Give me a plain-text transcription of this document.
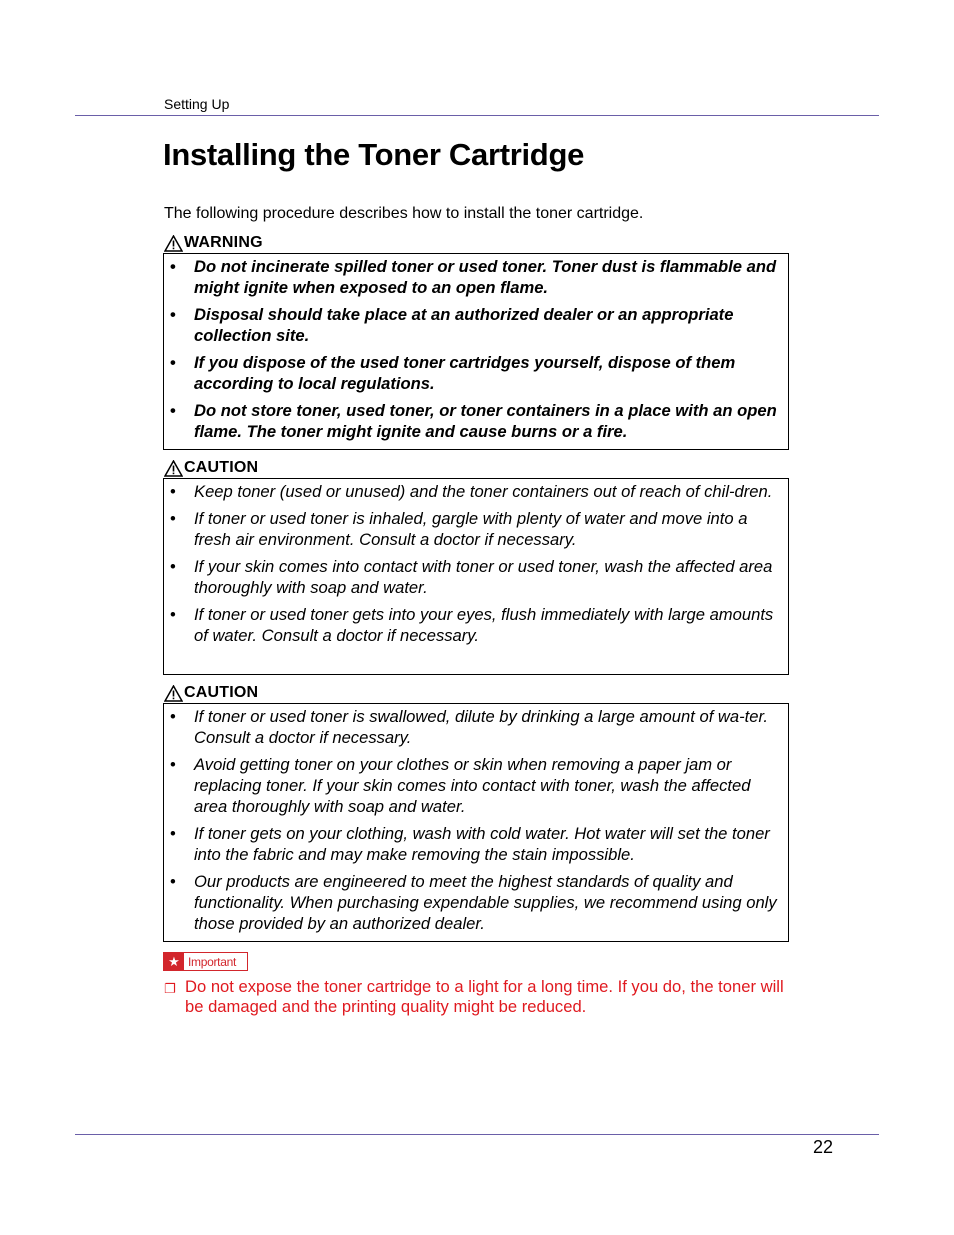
Setting Up
Installing the Toner Cartridge
The following procedure describes how to install the toner cartridge.
WARNING
• Do not incinerate spilled toner or used toner. Toner dust is flammable and might ignite when exposed to an open flame.
• Disposal should take place at an authorized dealer or an appropriate collection site.
• If you dispose of the used toner cartridges yourself, dispose of them according to local regulations.
• Do not store toner, used toner, or toner containers in a place with an open flame. The toner might ignite and cause burns or a fire.
CAUTION
• Keep toner (used or unused) and the toner containers out of reach of chil-dren.
• If toner or used toner is inhaled, gargle with plenty of water and move into a fresh air environment. Consult a doctor if necessary.
• If your skin comes into contact with toner or used toner, wash the affected area thoroughly with soap and water.
• If toner or used toner gets into your eyes, flush immediately with large amounts of water. Consult a doctor if necessary.
CAUTION
• If toner or used toner is swallowed, dilute by drinking a large amount of wa-ter. Consult a doctor if necessary.
• Avoid getting toner on your clothes or skin when removing a paper jam or replacing toner. If your skin comes into contact with toner, wash the affected area thoroughly with soap and water.
• If toner gets on your clothing, wash with cold water. Hot water will set the toner into the fabric and may make removing the stain impossible.
• Our products are engineered to meet the highest standards of quality and functionality. When purchasing expendable supplies, we recommend using only those provided by an authorized dealer.
★ Important
❐ Do not expose the toner cartridge to a light for a long time. If you do, the toner will be damaged and the printing quality might be reduced.
22
